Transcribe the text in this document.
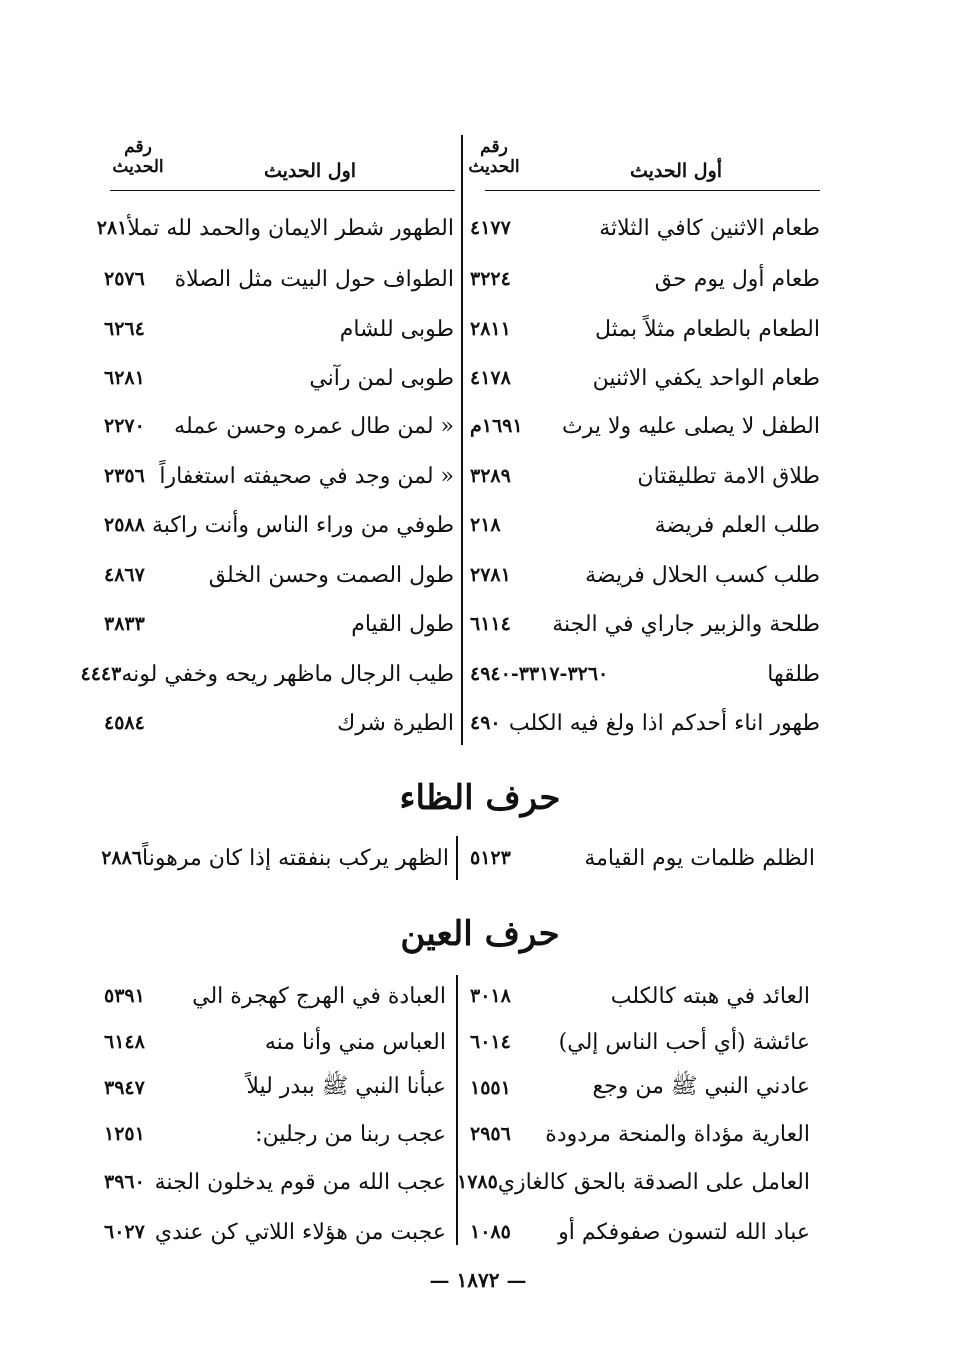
رقم
الحديث	أول الحديث
رقم
الحديث	اول الحديث
طعام الاثنين كافي الثلاثة
٤١٧٧
طعام أول يوم حق
٣٢٢٤
الطعام بالطعام مثلاً بمثل
٢٨١١
طعام الواحد يكفي الاثنين
٤١٧٨
الطفل لا يصلى عليه ولا يرث
١٦٩١م
طلاق الامة تطليقتان
٣٢٨٩
طلب العلم فريضة
٢١٨
طلب كسب الحلال فريضة
٢٧٨١
طلحة والزبير جاراي في الجنة
٦١١٤
طلقها
٣٢٦٠-٣٣١٧-٤٩٤٠
طهور اناء أحدكم اذا ولغ فيه الكلب
٤٩٠
الطهور شطر الايمان والحمد لله تملأ
٢٨١
الطواف حول البيت مثل الصلاة
٢٥٧٦
طوبى للشام
٦٢٦٤
طوبى لمن رآني
٦٢٨١
« لمن طال عمره وحسن عمله
٢٢٧٠
« لمن وجد في صحيفته استغفاراً
٢٣٥٦
طوفي من وراء الناس وأنت راكبة
٢٥٨٨
طول الصمت وحسن الخلق
٤٨٦٧
طول القيام
٣٨٣٣
طيب الرجال ماظهر ريحه وخفي لونه
٤٤٤٣
الطيرة شرك
٤٥٨٤
حرف الظاء
الظلم ظلمات يوم القيامة
٥١٢٣
الظهر يركب بنفقته إذا كان مرهوناً
٢٨٨٦
حرف العين
العائد في هبته كالكلب
٣٠١٨
عائشة (أي أحب الناس إلي)
٦٠١٤
عادني النبي ﷺ من وجع
١٥٥١
العارية مؤداة والمنحة مردودة
٢٩٥٦
العامل على الصدقة بالحق كالغازي
١٧٨٥
عباد الله لتسون صفوفكم أو
١٠٨٥
العبادة في الهرج كهجرة الي
٥٣٩١
العباس مني وأنا منه
٦١٤٨
عبأنا النبي ﷺ ببدر ليلاً
٣٩٤٧
عجب ربنا من رجلين:
١٢٥١
عجب الله من قوم يدخلون الجنة
٣٩٦٠
عجبت من هؤلاء اللاتي كن عندي
٦٠٢٧
— ١٨٧٢ —
